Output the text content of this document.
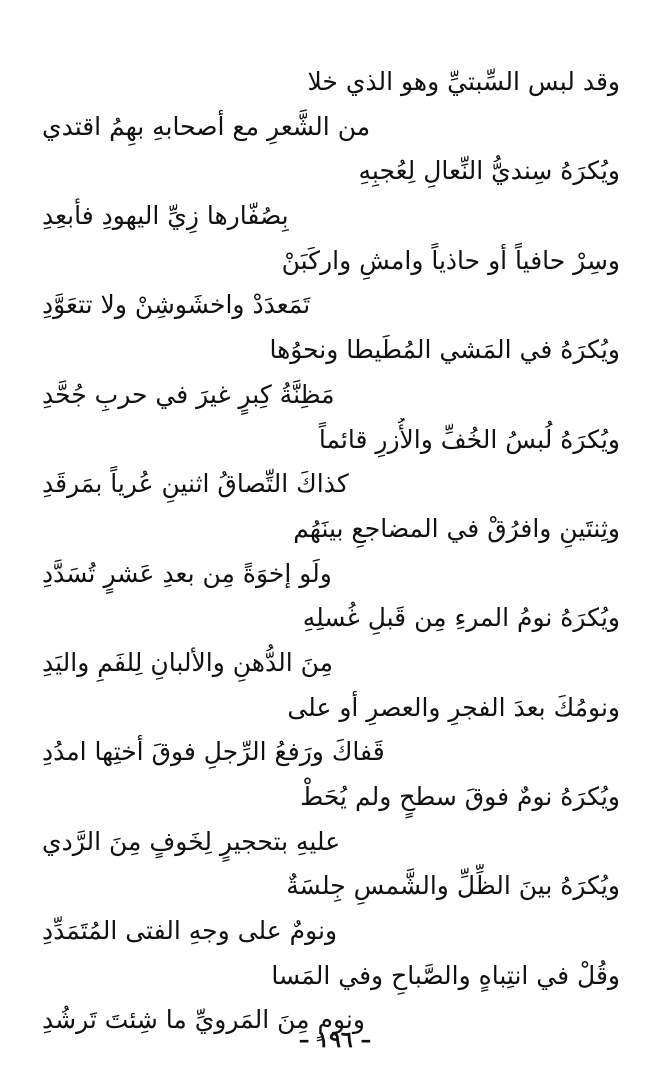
وقد لبس السِّبتيِّ وهو الذي خلا
من الشَّعرِ مع أصحابهِ بهِمُ اقتدي
ويُكرَهُ سِنديُّ النِّعالِ لِعُجبِهِ
بِصُفّارها زِيِّ اليهودِ فأبعِدِ
وسِرْ حافياً أو حاذياً وامشِ واركَبَنْ
تَمَعدَدْ واخشَوشِنْ ولا تتعَوَّدِ
ويُكرَهُ في المَشي المُطَيطا ونحوُها
مَظِنَّةُ كِبرٍ غيرَ في حربِ جُحَّدِ
ويُكرَهُ لُبسُ الخُفِّ والأُزرِ قائماً
كذاكَ التِّصاقُ اثنينِ عُرياً بمَرقَدِ
وثِنتَينِ وافرُقْ في المضاجعِ بينَهُم
ولَو إخوَةً مِن بعدِ عَشرٍ تُسَدَّدِ
ويُكرَهُ نومُ المرءِ مِن قَبلِ غُسلِهِ
مِنَ الدُّهنِ والألبانِ لِلفَمِ واليَدِ
ونومُكَ بعدَ الفجرِ والعصرِ أو على
قَفاكَ ورَفعُ الرِّجلِ فوقَ أختِها امدُدِ
ويُكرَهُ نومٌ فوقَ سطحٍ ولم يُحَطْ
عليهِ بتحجيرٍ لِخَوفٍ مِنَ الرَّدي
ويُكرَهُ بينَ الظِّلِّ والشَّمسِ جِلسَةٌ
ونومٌ على وجهِ الفتى المُتَمَدِّدِ
وقُلْ في انتِباهٍ والصَّباحِ وفي المَسا
ونومٍ مِنَ المَرويِّ ما شِئتَ تَرشُدِ
– ١٩٦ –
